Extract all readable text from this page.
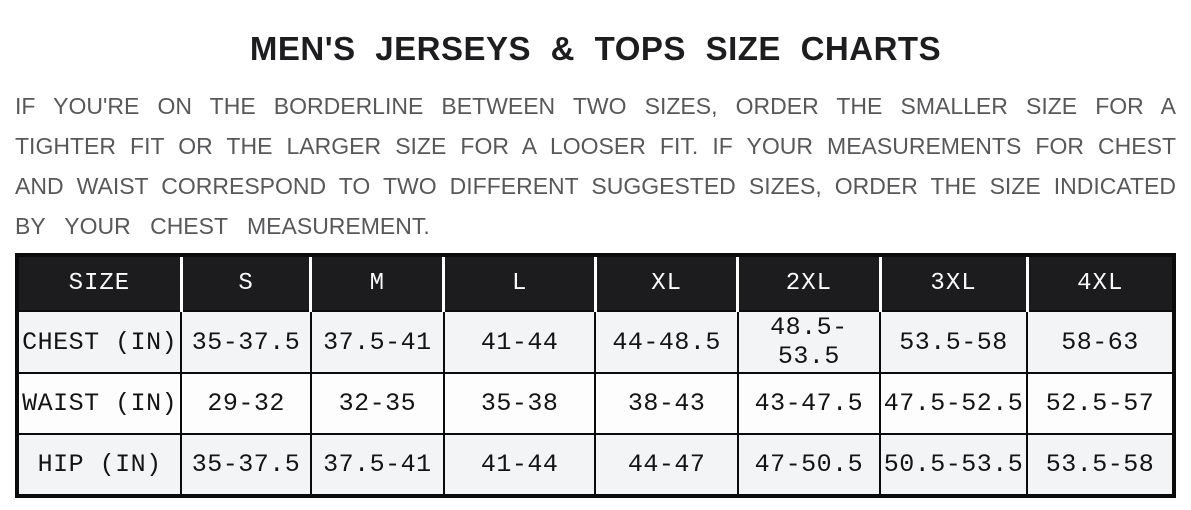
MEN'S JERSEYS & TOPS SIZE CHARTS

IF YOU'RE ON THE BORDERLINE BETWEEN TWO SIZES, ORDER THE SMALLER SIZE FOR A
TIGHTER FIT OR THE LARGER SIZE FOR A LOOSER FIT. IF YOUR MEASUREMENTS FOR CHEST
AND WAIST CORRESPOND TO TWO DIFFERENT SUGGESTED SIZES, ORDER THE SIZE INDICATED
BY YOUR CHEST MEASUREMENT.

SIZE	S	M	L	XL	2XL	3XL	4XL
CHEST (IN)	35-37.5	37.5-41	41-44	44-48.5	48.5-53.5	53.5-58	58-63
WAIST (IN)	29-32	32-35	35-38	38-43	43-47.5	47.5-52.5	52.5-57
HIP (IN)	35-37.5	37.5-41	41-44	44-47	47-50.5	50.5-53.5	53.5-58
